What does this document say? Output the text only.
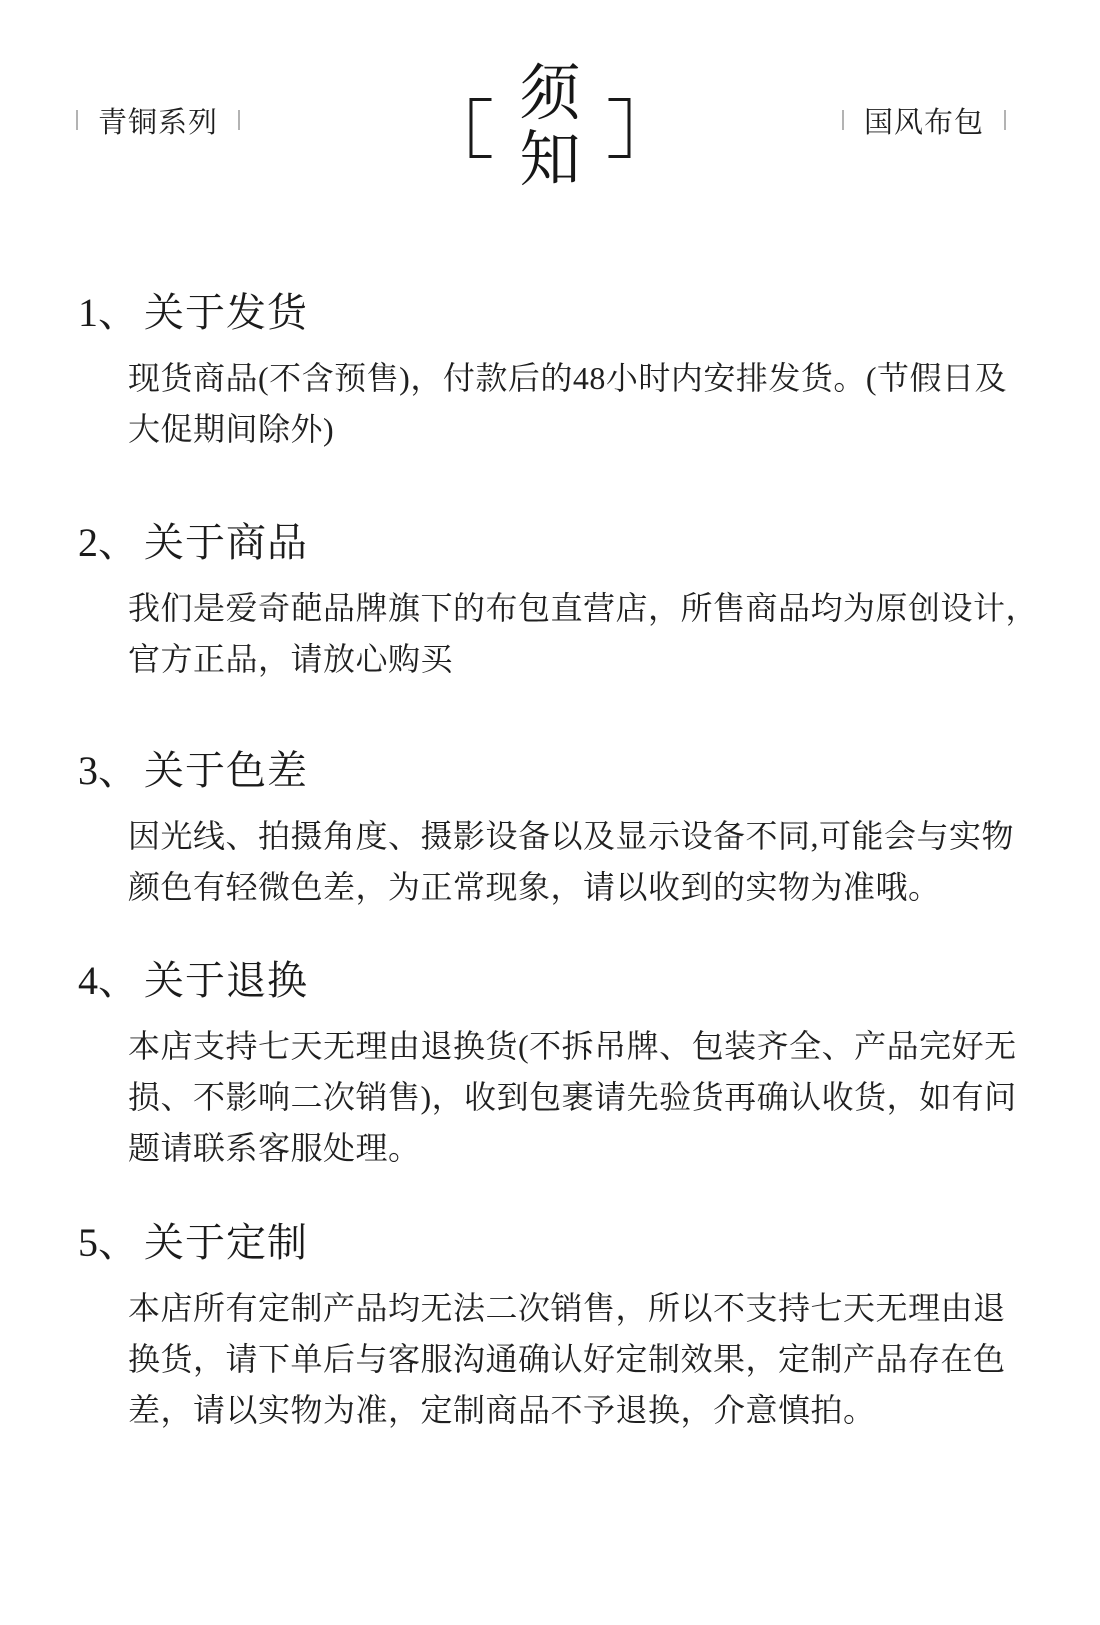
青铜系列	须
知
国风布包
1、 关于发货
现货商品(不含预售)，付款后的48小时内安排发货。(节假日及
大促期间除外)
2、 关于商品
我们是爱奇葩品牌旗下的布包直营店，所售商品均为原创设计，
官方正品，请放心购买
3、 关于色差
因光线、拍摄角度、摄影设备以及显示设备不同,可能会与实物
颜色有轻微色差，为正常现象，请以收到的实物为准哦。
4、 关于退换
本店支持七天无理由退换货(不拆吊牌、包装齐全、产品完好无
损、不影响二次销售)，收到包裹请先验货再确认收货，如有问
题请联系客服处理。
5、 关于定制
本店所有定制产品均无法二次销售，所以不支持七天无理由退
换货，请下单后与客服沟通确认好定制效果，定制产品存在色
差，请以实物为准，定制商品不予退换，介意慎拍。
